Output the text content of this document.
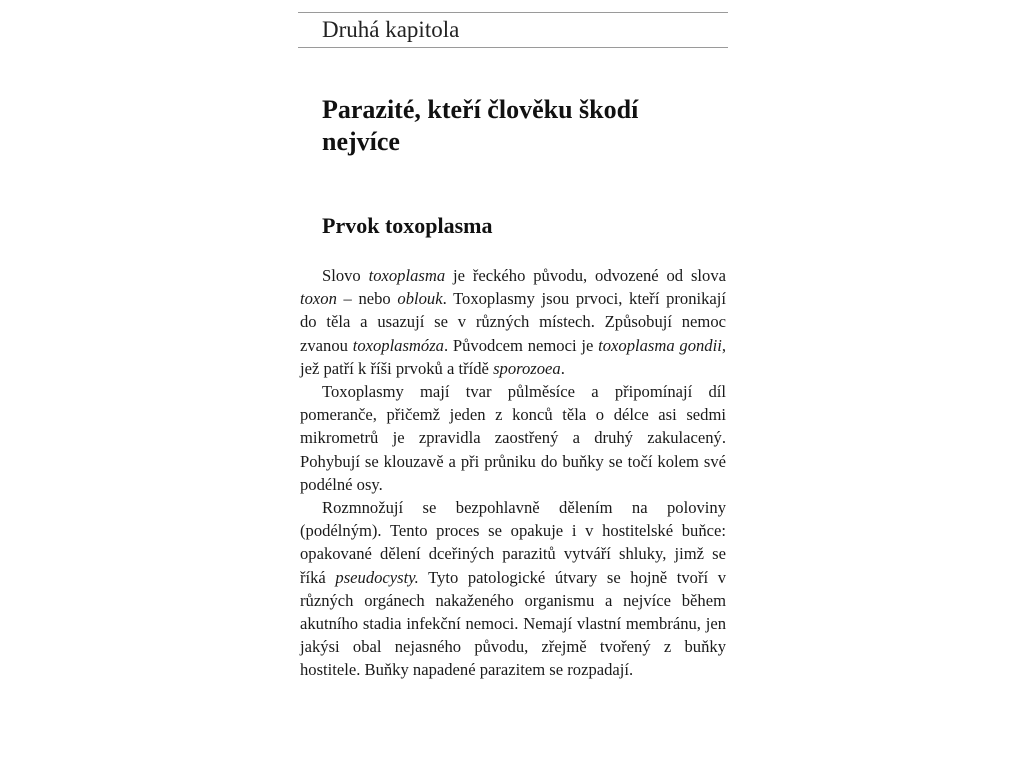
Druhá kapitola
Parazité, kteří člověku škodí nejvíce
Prvok toxoplasma

Slovo toxoplasma je řeckého původu, odvozené od slova toxon – nebo oblouk. Toxoplasmy jsou prvoci, kteří pronikají do těla a usazují se v různých místech. Způsobují nemoc zvanou toxoplasmóza. Původcem nemoci je toxoplasma gondii, jež patří k říši prvoků a třídě sporozoea.

Toxoplasmy mají tvar půlměsíce a připomínají díl pomeranče, přičemž jeden z konců těla o délce asi sedmi mikrometrů je zpravidla zaostřený a druhý zakulacený. Pohybují se klouzavě a při průniku do buňky se točí kolem své podélné osy.

Rozmnožují se bezpohlavně dělením na poloviny (podélným). Tento proces se opakuje i v hostitelské buňce: opakované dělení dceřiných parazitů vytváří shluky, jimž se říká pseudocysty. Tyto patologické útvary se hojně tvoří v různých orgánech nakaženého organismu a nejvíce během akutního stadia infekční nemoci. Nemají vlastní membránu, jen jakýsi obal nejasného původu, zřejmě tvořený z buňky hostitele. Buňky napadené parazitem se rozpadají.
